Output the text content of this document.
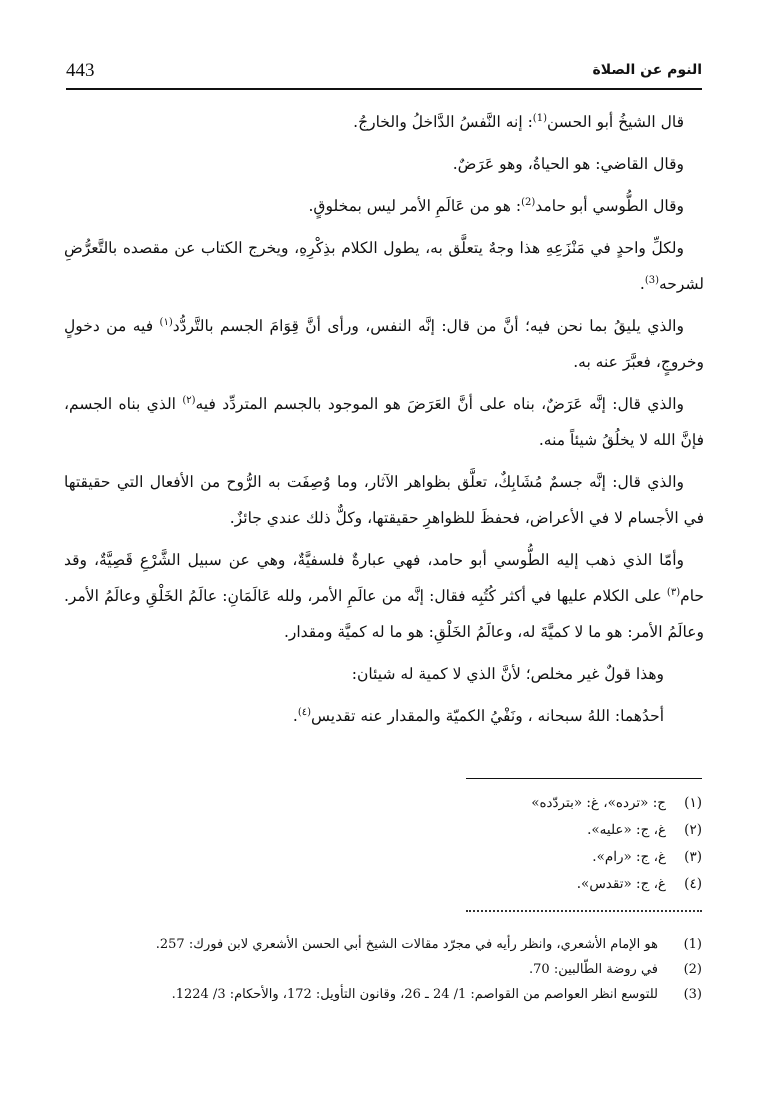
443	النوم عن الصلاة

قال الشيخُ أبو الحسن$^{(1)}$: إنه النَّفسُ الدَّاخلُ والخارجُ.

وقال القاضي: هو الحياةُ، وهو عَرَضٌ.

وقال الطُّوسي أبو حامد$^{(2)}$: هو من عَالَمِ الأمر ليس بمخلوقٍ.

ولكلِّ واحدٍ في مَنْزَعِهِ هذا وجهٌ يتعلَّق به، يطول الكلام بذِكْرِهِ، ويخرج الكتاب عن مقصده بالتَّعرُّضِ لشرحه$^{(3)}$.

والذي يليقُ بما نحن فيه؛ أنَّ من قال: إنَّه النفس، ورأى أنَّ قِوَامَ الجسم بالتَّردُّد$^{(١)}$ فيه من دخولٍ وخروجٍ، فعبَّرَ عنه به.

والذي قال: إنَّه عَرَضٌ، بناه على أنَّ العَرَضَ هو الموجود بالجسم المتردِّد فيه$^{(٢)}$ الذي بناه الجسم، فإنَّ الله لا يخلُقُ شيئاً منه.

والذي قال: إنَّه جسمٌ مُشَابِكٌ، تعلَّق بظواهر الآثار، وما وُصِفَت به الرُّوح من الأفعال التي حقيقتها في الأجسام لا في الأعراض، فحفظَ للظواهرِ حقيقتها، وكلٌّ ذلك عندي جائزٌ.

وأمّا الذي ذهب إليه الطُّوسي أبو حامد، فهي عبارةٌ فلسفيَّةٌ، وهي عن سبيل الشَّرْعِ قَصِيَّةٌ، وقد حام$^{(٣)}$ على الكلام عليها في أكثر كُتُبِه فقال: إنَّه من عالَمِ الأمر، ولله عَالَمَانِ: عالَمُ الخَلْقِ وعالَمُ الأمر. وعالَمُ الأمر: هو ما لا كميَّةَ له، وعالَمُ الخَلْقِ: هو ما له كميَّة ومقدار.

وهذا قولٌ غير مخلص؛ لأنَّ الذي لا كمية له شيئان:

أحدُهما: اللهُ سبحانه ، ونَفْيُ الكميّة والمقدار عنه تقديس$^{(٤)}$.

(١)
ج: «ترده»، غ: «بتردّده»
(٢)
غ، ج: «عليه».
(٣)
غ، ج: «رام».
(٤)
غ، ج: «تقدس».
(1)
هو الإمام الأشعري، وانظر رأيه في مجرّد مقالات الشيخ أبي الحسن الأشعري لابن فورك: 257.
(2)
في روضة الطّالبين: 70.
(3)
للتوسع انظر العواصم من القواصم: 1/ 24 ـ 26، وقانون التأويل: 172، والأحكام: 3/ 1224.
